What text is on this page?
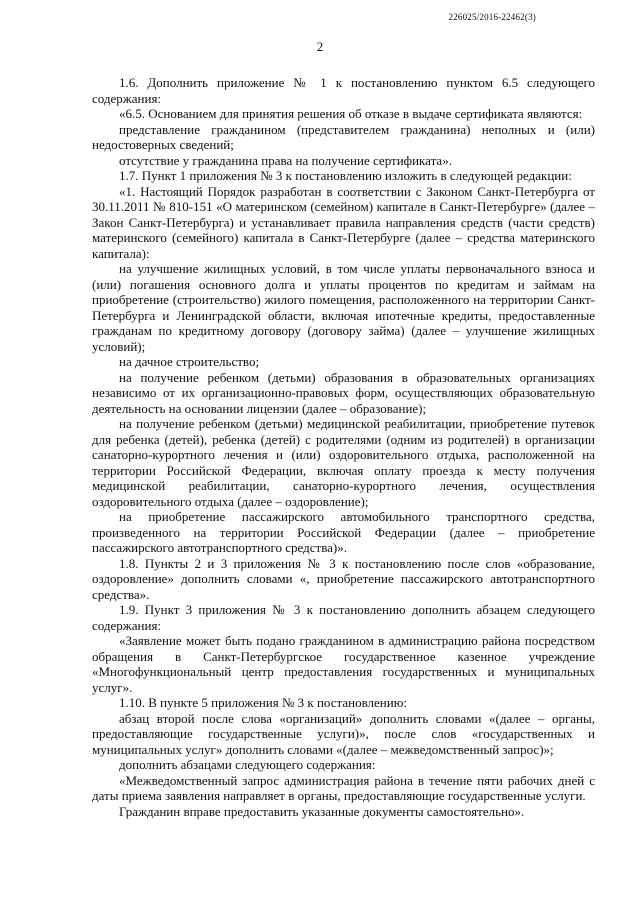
226025/2016-22462(3)
2

1.6. Дополнить приложение № 1 к постановлению пунктом 6.5 следующего содержания:

«6.5. Основанием для принятия решения об отказе в выдаче сертификата являются:

представление гражданином (представителем гражданина) неполных и (или) недостоверных сведений;

отсутствие у гражданина права на получение сертификата».

1.7. Пункт 1 приложения № 3 к постановлению изложить в следующей редакции:

«1. Настоящий Порядок разработан в соответствии с Законом Санкт-Петербурга от 30.11.2011 № 810-151 «О материнском (семейном) капитале в Санкт-Петербурге» (далее – Закон Санкт-Петербурга) и устанавливает правила направления средств (части средств) материнского (семейного) капитала в Санкт-Петербурге (далее – средства материнского капитала):

на улучшение жилищных условий, в том числе уплаты первоначального взноса и (или) погашения основного долга и уплаты процентов по кредитам и займам на приобретение (строительство) жилого помещения, расположенного на территории Санкт-Петербурга и Ленинградской области, включая ипотечные кредиты, предоставленные гражданам по кредитному договору (договору займа) (далее – улучшение жилищных условий);

на дачное строительство;

на получение ребенком (детьми) образования в образовательных организациях независимо от их организационно-правовых форм, осуществляющих образовательную деятельность на основании лицензии (далее – образование);

на получение ребенком (детьми) медицинской реабилитации, приобретение путевок для ребенка (детей), ребенка (детей) с родителями (одним из родителей) в организации санаторно-курортного лечения и (или) оздоровительного отдыха, расположенной на территории Российской Федерации, включая оплату проезда к месту получения медицинской реабилитации, санаторно-курортного лечения, осуществления оздоровительного отдыха (далее – оздоровление);

на приобретение пассажирского автомобильного транспортного средства, произведенного на территории Российской Федерации (далее – приобретение пассажирского автотранспортного средства)».

1.8. Пункты 2 и 3 приложения № 3 к постановлению после слов «образование, оздоровление» дополнить словами «, приобретение пассажирского автотранспортного средства».

1.9. Пункт 3 приложения № 3 к постановлению дополнить абзацем следующего содержания:

«Заявление может быть подано гражданином в администрацию района посредством обращения в Санкт-Петербургское государственное казенное учреждение «Многофункциональный центр предоставления государственных и муниципальных услуг».

1.10. В пункте 5 приложения № 3 к постановлению:

абзац второй после слова «организаций» дополнить словами «(далее – органы, предоставляющие государственные услуги)», после слов «государственных и муниципальных услуг» дополнить словами «(далее – межведомственный запрос)»;

дополнить абзацами следующего содержания:

«Межведомственный запрос администрация района в течение пяти рабочих дней с даты приема заявления направляет в органы, предоставляющие государственные услуги.

Гражданин вправе предоставить указанные документы самостоятельно».
